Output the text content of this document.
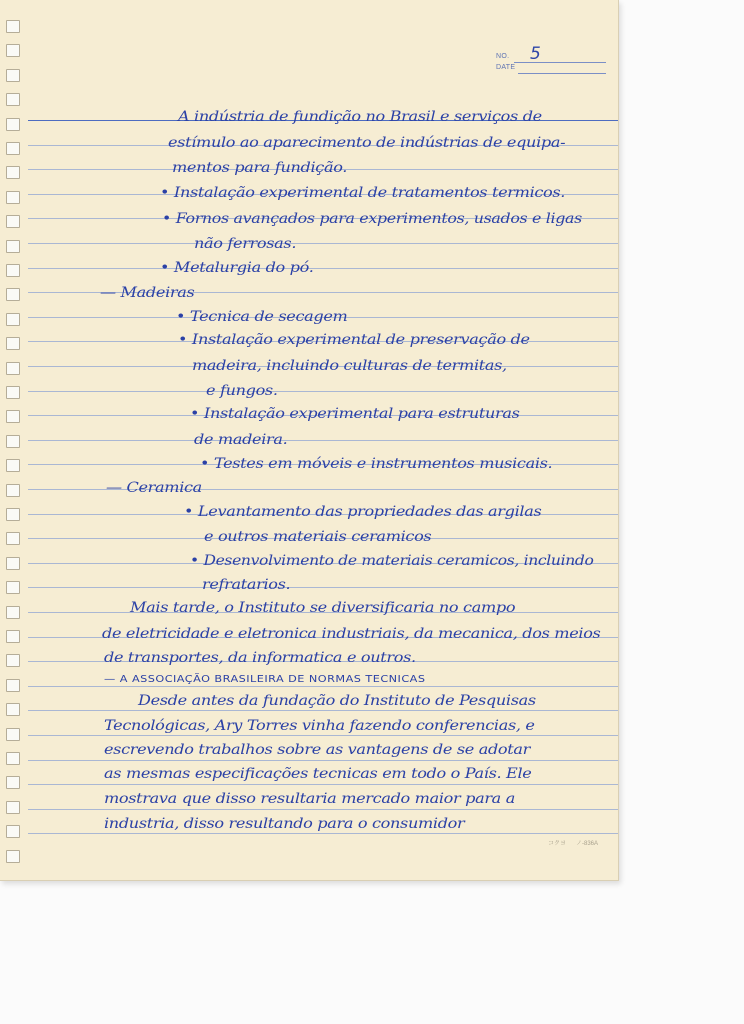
NO.
DATE
5
A indústria de fundição no Brasil e serviços de
estímulo ao aparecimento de indústrias de equipa-
mentos para fundição.
• Instalação experimental de tratamentos termicos.
• Fornos avançados para experimentos, usados e ligas
não ferrosas.
• Metalurgia do pó.
— Madeiras
• Tecnica de secagem
• Instalação experimental de preservação de
madeira, incluindo culturas de termitas,
e fungos.
• Instalação experimental para estruturas
de madeira.
• Testes em móveis e instrumentos musicais.
— Ceramica
• Levantamento das propriedades das argilas
e outros materiais ceramicos
• Desenvolvimento de materiais ceramicos, incluindo
refratarios.
Mais tarde, o Instituto se diversificaria no campo
de eletricidade e eletronica industriais, da mecanica, dos meios
de transportes, da informatica e outros.
— A ASSOCIAÇÃO BRASILEIRA DE NORMAS TECNICAS
Desde antes da fundação do Instituto de Pesquisas
Tecnológicas, Ary Torres vinha fazendo conferencias, e
escrevendo trabalhos sobre as vantagens de se adotar
as mesmas especificações tecnicas em todo o País. Ele
mostrava que disso resultaria mercado maior para a
industria, disso resultando para o consumidor
コクヨ ノ-836A
